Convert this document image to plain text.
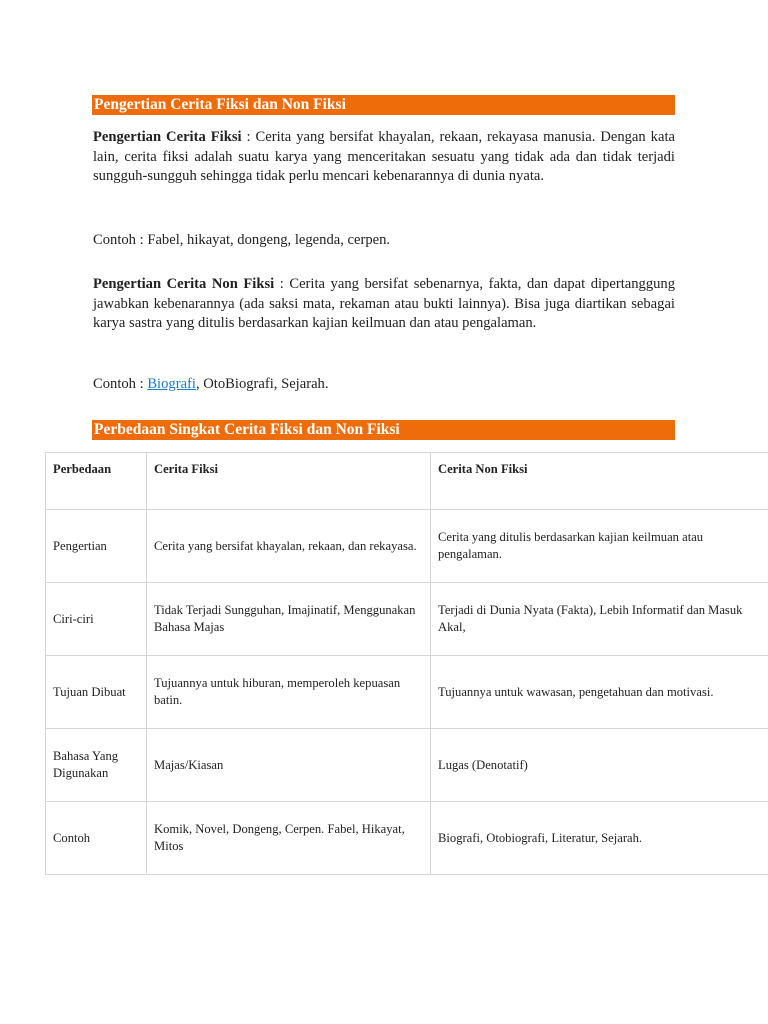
Pengertian Cerita Fiksi dan Non Fiksi
Pengertian Cerita Fiksi : Cerita yang bersifat khayalan, rekaan, rekayasa manusia. Dengan kata lain, cerita fiksi adalah suatu karya yang menceritakan sesuatu yang tidak ada dan tidak terjadi sungguh-sungguh sehingga tidak perlu mencari kebenarannya di dunia nyata.
Contoh : Fabel, hikayat, dongeng, legenda, cerpen.
Pengertian Cerita Non Fiksi : Cerita yang bersifat sebenarnya, fakta, dan dapat dipertanggung jawabkan kebenarannya (ada saksi mata, rekaman atau bukti lainnya). Bisa juga diartikan sebagai karya sastra yang ditulis berdasarkan kajian keilmuan dan atau pengalaman.
Contoh : Biografi, OtoBiografi, Sejarah.
Perbedaan Singkat Cerita Fiksi dan Non Fiksi
Perbedaan	Cerita Fiksi	Cerita Non Fiksi
Pengertian	Cerita yang bersifat khayalan, rekaan, dan rekayasa.	Cerita yang ditulis berdasarkan kajian keilmuan atau pengalaman.
Ciri-ciri	Tidak Terjadi Sungguhan, Imajinatif, Menggunakan Bahasa Majas	Terjadi di Dunia Nyata (Fakta), Lebih Informatif dan Masuk Akal,
Tujuan Dibuat	Tujuannya untuk hiburan, memperoleh kepuasan batin.	Tujuannya untuk wawasan, pengetahuan dan motivasi.
Bahasa Yang Digunakan	Majas/Kiasan	Lugas (Denotatif)
Contoh	Komik, Novel, Dongeng, Cerpen. Fabel, Hikayat, Mitos	Biografi, Otobiografi, Literatur, Sejarah.
